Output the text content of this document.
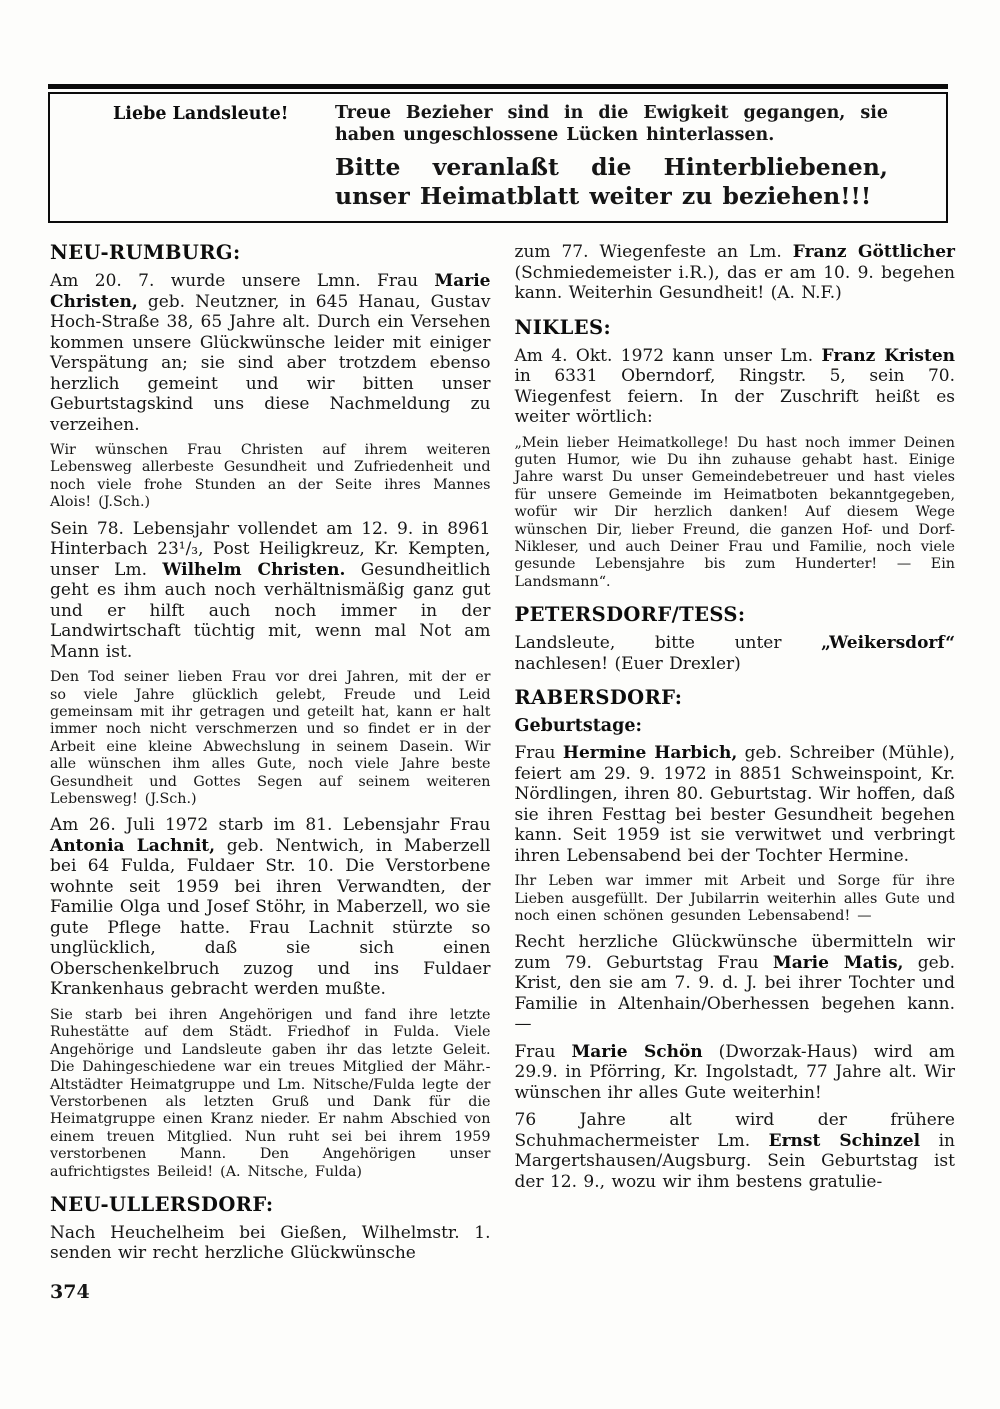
Liebe Landsleute!	Treue Bezieher sind in die Ewigkeit gegangen, sie haben ungeschlossene Lücken hinterlassen.

Bitte veranlaßt die Hinterbliebenen, unser Heimatblatt weiter zu beziehen!!!

NEU-RUMBURG:

Am 20. 7. wurde unsere Lmn. Frau Marie Christen, geb. Neutzner, in 645 Hanau, Gustav Hoch-Straße 38, 65 Jahre alt. Durch ein Versehen kommen unsere Glückwünsche leider mit einiger Verspätung an; sie sind aber trotzdem ebenso herzlich gemeint und wir bitten unser Geburtstagskind uns diese Nachmeldung zu verzeihen.

Wir wünschen Frau Christen auf ihrem weiteren Lebensweg allerbeste Gesundheit und Zufriedenheit und noch viele frohe Stunden an der Seite ihres Mannes Alois! (J.Sch.)

Sein 78. Lebensjahr vollendet am 12. 9. in 8961 Hinterbach 23¹/₃, Post Heiligkreuz, Kr. Kempten, unser Lm. Wilhelm Christen. Gesundheitlich geht es ihm auch noch verhältnismäßig ganz gut und er hilft auch noch immer in der Landwirtschaft tüchtig mit, wenn mal Not am Mann ist.

Den Tod seiner lieben Frau vor drei Jahren, mit der er so viele Jahre glücklich gelebt, Freude und Leid gemeinsam mit ihr getragen und geteilt hat, kann er halt immer noch nicht verschmerzen und so findet er in der Arbeit eine kleine Abwechslung in seinem Dasein. Wir alle wünschen ihm alles Gute, noch viele Jahre beste Gesundheit und Gottes Segen auf seinem weiteren Lebensweg! (J.Sch.)

Am 26. Juli 1972 starb im 81. Lebensjahr Frau Antonia Lachnit, geb. Nentwich, in Maberzell bei 64 Fulda, Fuldaer Str. 10. Die Verstorbene wohnte seit 1959 bei ihren Verwandten, der Familie Olga und Josef Stöhr, in Maberzell, wo sie gute Pflege hatte. Frau Lachnit stürzte so unglücklich, daß sie sich einen Oberschenkelbruch zuzog und ins Fuldaer Krankenhaus gebracht werden mußte.

Sie starb bei ihren Angehörigen und fand ihre letzte Ruhestätte auf dem Städt. Friedhof in Fulda. Viele Angehörige und Landsleute gaben ihr das letzte Geleit. Die Dahingeschiedene war ein treues Mitglied der Mähr.-Altstädter Heimatgruppe und Lm. Nitsche/Fulda legte der Verstorbenen als letzten Gruß und Dank für die Heimatgruppe einen Kranz nieder. Er nahm Abschied von einem treuen Mitglied. Nun ruht sei bei ihrem 1959 verstorbenen Mann. Den Angehörigen unser aufrichtigstes Beileid! (A. Nitsche, Fulda)

NEU-ULLERSDORF:

Nach Heuchelheim bei Gießen, Wilhelmstr. 1. senden wir recht herzliche Glückwünsche

zum 77. Wiegenfeste an Lm. Franz Göttlicher (Schmiedemeister i.R.), das er am 10. 9. begehen kann. Weiterhin Gesundheit! (A. N.F.)

NIKLES:

Am 4. Okt. 1972 kann unser Lm. Franz Kristen in 6331 Oberndorf, Ringstr. 5, sein 70. Wiegenfest feiern. In der Zuschrift heißt es weiter wörtlich:

„Mein lieber Heimatkollege! Du hast noch immer Deinen guten Humor, wie Du ihn zuhause gehabt hast. Einige Jahre warst Du unser Gemeindebetreuer und hast vieles für unsere Gemeinde im Heimatboten bekanntgegeben, wofür wir Dir herzlich danken! Auf diesem Wege wünschen Dir, lieber Freund, die ganzen Hof- und Dorf-Nikleser, und auch Deiner Frau und Familie, noch viele gesunde Lebensjahre bis zum Hunderter! — Ein Landsmann“.

PETERSDORF/TESS:

Landsleute, bitte unter „Weikersdorf“ nachlesen! (Euer Drexler)

RABERSDORF:
Geburtstage:

Frau Hermine Harbich, geb. Schreiber (Mühle), feiert am 29. 9. 1972 in 8851 Schweinspoint, Kr. Nördlingen, ihren 80. Geburtstag. Wir hoffen, daß sie ihren Festtag bei bester Gesundheit begehen kann. Seit 1959 ist sie verwitwet und verbringt ihren Lebensabend bei der Tochter Hermine.

Ihr Leben war immer mit Arbeit und Sorge für ihre Lieben ausgefüllt. Der Jubilarrin weiterhin alles Gute und noch einen schönen gesunden Lebensabend! —

Recht herzliche Glückwünsche übermitteln wir zum 79. Geburtstag Frau Marie Matis, geb. Krist, den sie am 7. 9. d. J. bei ihrer Tochter und Familie in Altenhain/Oberhessen begehen kann. —

Frau Marie Schön (Dworzak-Haus) wird am 29.9. in Pförring, Kr. Ingolstadt, 77 Jahre alt. Wir wünschen ihr alles Gute weiterhin!

76 Jahre alt wird der frühere Schuhmachermeister Lm. Ernst Schinzel in Margertshausen/Augsburg. Sein Geburtstag ist der 12. 9., wozu wir ihm bestens gratulie-

374
